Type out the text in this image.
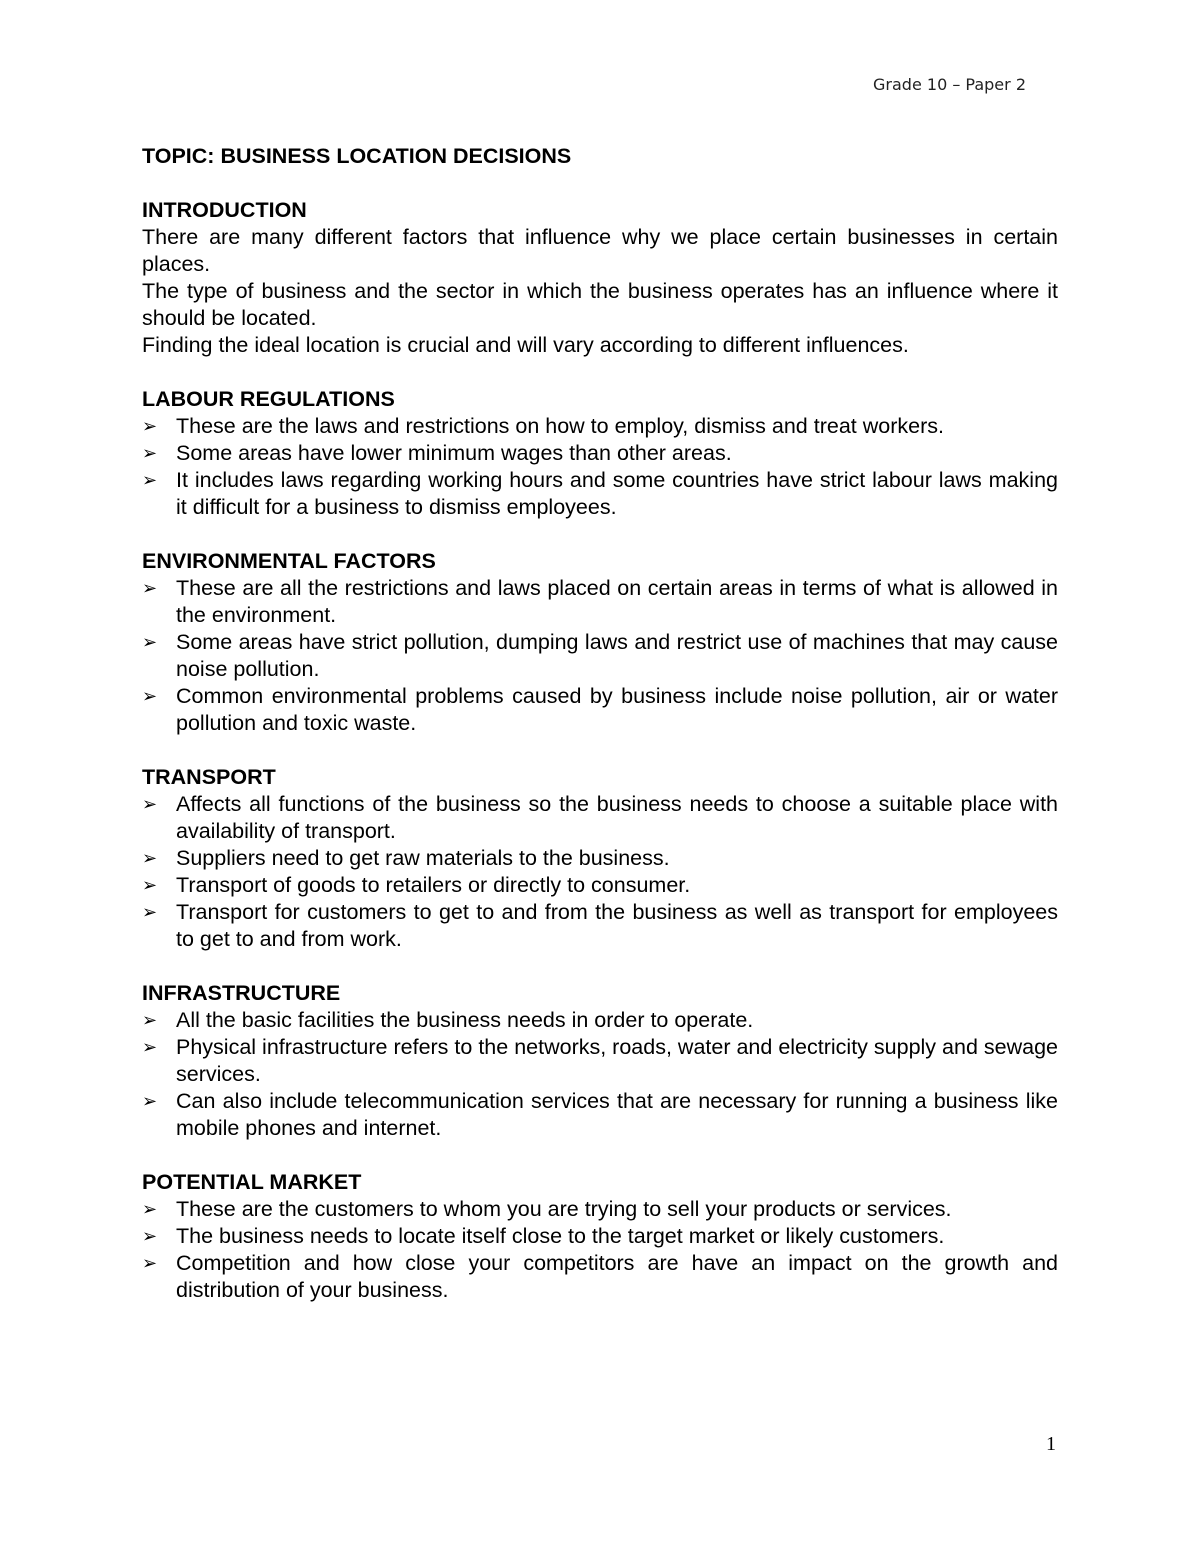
Grade 10 – Paper 2
TOPIC: BUSINESS LOCATION DECISIONS
INTRODUCTION

There are many different factors that influence why we place certain businesses in certain places.

The type of business and the sector in which the business operates has an influence where it should be located.

Finding the ideal location is crucial and will vary according to different influences.

LABOUR REGULATIONS
➢ These are the laws and restrictions on how to employ, dismiss and treat workers.
➢ Some areas have lower minimum wages than other areas.
➢ It includes laws regarding working hours and some countries have strict labour laws making it difficult for a business to dismiss employees.
ENVIRONMENTAL FACTORS
➢ These are all the restrictions and laws placed on certain areas in terms of what is allowed in the environment.
➢ Some areas have strict pollution, dumping laws and restrict use of machines that may cause noise pollution.
➢ Common environmental problems caused by business include noise pollution, air or water pollution and toxic waste.
TRANSPORT
➢ Affects all functions of the business so the business needs to choose a suitable place with availability of transport.
➢ Suppliers need to get raw materials to the business.
➢ Transport of goods to retailers or directly to consumer.
➢ Transport for customers to get to and from the business as well as transport for employees to get to and from work.
INFRASTRUCTURE
➢ All the basic facilities the business needs in order to operate.
➢ Physical infrastructure refers to the networks, roads, water and electricity supply and sewage services.
➢ Can also include telecommunication services that are necessary for running a business like mobile phones and internet.
POTENTIAL MARKET
➢ These are the customers to whom you are trying to sell your products or services.
➢ The business needs to locate itself close to the target market or likely customers.
➢ Competition and how close your competitors are have an impact on the growth and distribution of your business.
1
